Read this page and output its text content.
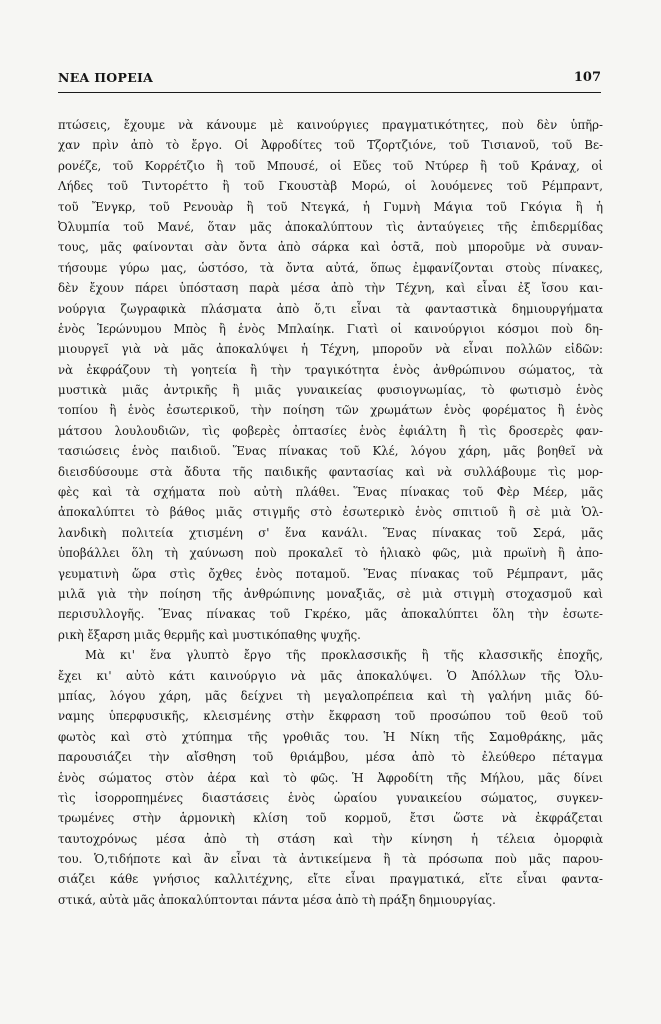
ΝΕΑ ΠΟΡΕΙΑ	107
πτώσεις, ἔχουμε νὰ κάνουμε μὲ καινούργιες πραγματικότητες, ποὺ δὲν ὑπῆρ-
χαν πρὶν ἀπὸ τὸ ἔργο. Οἱ Ἀφροδίτες τοῦ Τζορτζιόνε, τοῦ Τισιανοῦ, τοῦ Βε-
ρονέζε, τοῦ Κορρέτζιο ἢ τοῦ Μπουσέ, οἱ Εὔες τοῦ Ντύρερ ἢ τοῦ Κράναχ, οἱ
Λήδες τοῦ Τιντορέττο ἢ τοῦ Γκουστὰβ Μορώ, οἱ λουόμενες τοῦ Ρέμπραντ,
τοῦ Ἔνγκρ, τοῦ Ρενουὰρ ἢ τοῦ Ντεγκά, ἡ Γυμνὴ Μάγια τοῦ Γκόγια ἢ ἡ
Ὀλυμπία τοῦ Μανέ, ὅταν μᾶς ἀποκαλύπτουν τὶς ἀνταύγειες τῆς ἐπιδερμίδας
τους, μᾶς φαίνονται σὰν ὄντα ἀπὸ σάρκα καὶ ὀστᾶ, ποὺ μποροῦμε νὰ συναν-
τήσουμε γύρω μας, ὡστόσο, τὰ ὄντα αὐτά, ὅπως ἐμφανίζονται στοὺς πίνακες,
δὲν ἔχουν πάρει ὑπόσταση παρὰ μέσα ἀπὸ τὴν Τέχνη, καὶ εἶναι ἐξ ἴσου και-
νούργια ζωγραφικὰ πλάσματα ἀπὸ ὅ,τι εἶναι τὰ φανταστικὰ δημιουργήματα
ἑνὸς Ἱερώνυμου Μπὸς ἢ ἑνὸς Μπλαίηκ. Γιατὶ οἱ καινούργιοι κόσμοι ποὺ δη-
μιουργεῖ γιὰ νὰ μᾶς ἀποκαλύψει ἡ Τέχνη, μποροῦν νὰ εἶναι πολλῶν εἰδῶν:
νὰ ἐκφράζουν τὴ γοητεία ἢ τὴν τραγικότητα ἑνὸς ἀνθρώπινου σώματος, τὰ
μυστικὰ μιᾶς ἀντρικῆς ἢ μιᾶς γυναικείας φυσιογνωμίας, τὸ φωτισμὸ ἑνὸς
τοπίου ἢ ἑνὸς ἐσωτερικοῦ, τὴν ποίηση τῶν χρωμάτων ἑνὸς φορέματος ἢ ἑνὸς
μάτσου λουλουδιῶν, τὶς φοβερὲς ὀπτασίες ἑνὸς ἐφιάλτη ἢ τὶς δροσερὲς φαν-
τασιώσεις ἑνὸς παιδιοῦ. Ἕνας πίνακας τοῦ Κλέ, λόγου χάρη, μᾶς βοηθεῖ νὰ
διεισδύσουμε στὰ ἄδυτα τῆς παιδικῆς φαντασίας καὶ νὰ συλλάβουμε τὶς μορ-
φὲς καὶ τὰ σχήματα ποὺ αὐτὴ πλάθει. Ἕνας πίνακας τοῦ Φὲρ Μέερ, μᾶς
ἀποκαλύπτει τὸ βάθος μιᾶς στιγμῆς στὸ ἐσωτερικὸ ἑνὸς σπιτιοῦ ἢ σὲ μιὰ Ὁλ-
λανδικὴ πολιτεία χτισμένη σ' ἕνα κανάλι. Ἕνας πίνακας τοῦ Σερά, μᾶς
ὑποβάλλει ὅλη τὴ χαύνωση ποὺ προκαλεῖ τὸ ἡλιακὸ φῶς, μιὰ πρωϊνὴ ἢ ἀπο-
γευματινὴ ὥρα στὶς ὄχθες ἑνὸς ποταμοῦ. Ἕνας πίνακας τοῦ Ρέμπραντ, μᾶς
μιλᾶ γιὰ τὴν ποίηση τῆς ἀνθρώπινης μοναξιᾶς, σὲ μιὰ στιγμὴ στοχασμοῦ καὶ
περισυλλογῆς. Ἕνας πίνακας τοῦ Γκρέκο, μᾶς ἀποκαλύπτει ὅλη τὴν ἐσωτε-
ρικὴ ἔξαρση μιᾶς θερμῆς καὶ μυστικόπαθης ψυχῆς.
Μὰ κι' ἕνα γλυπτὸ ἔργο τῆς προκλασσικῆς ἢ τῆς κλασσικῆς ἐποχῆς,
ἔχει κι' αὐτὸ κάτι καινούργιο νὰ μᾶς ἀποκαλύψει. Ὁ Ἀπόλλων τῆς Ὀλυ-
μπίας, λόγου χάρη, μᾶς δείχνει τὴ μεγαλοπρέπεια καὶ τὴ γαλήνη μιᾶς δύ-
ναμης ὑπερφυσικῆς, κλεισμένης στὴν ἔκφραση τοῦ προσώπου τοῦ θεοῦ τοῦ
φωτὸς καὶ στὸ χτύπημα τῆς γροθιᾶς του. Ἡ Νίκη τῆς Σαμοθράκης, μᾶς
παρουσιάζει τὴν αἴσθηση τοῦ θριάμβου, μέσα ἀπὸ τὸ ἐλεύθερο πέταγμα
ἑνὸς σώματος στὸν ἀέρα καὶ τὸ φῶς. Ἡ Ἀφροδίτη τῆς Μήλου, μᾶς δίνει
τὶς ἰσορροπημένες διαστάσεις ἑνὸς ὡραίου γυναικείου σώματος, συγκεν-
τρωμένες στὴν ἁρμονικὴ κλίση τοῦ κορμοῦ, ἔτσι ὥστε νὰ ἐκφράζεται
ταυτοχρόνως μέσα ἀπὸ τὴ στάση καὶ τὴν κίνηση ἡ τέλεια ὀμορφιὰ
του. Ὁ,τιδήποτε καὶ ἂν εἶναι τὰ ἀντικείμενα ἢ τὰ πρόσωπα ποὺ μᾶς παρου-
σιάζει κάθε γνήσιος καλλιτέχνης, εἴτε εἶναι πραγματικά, εἴτε εἶναι φαντα-
στικά, αὐτὰ μᾶς ἀποκαλύπτονται πάντα μέσα ἀπὸ τὴ πράξη δημιουργίας.
